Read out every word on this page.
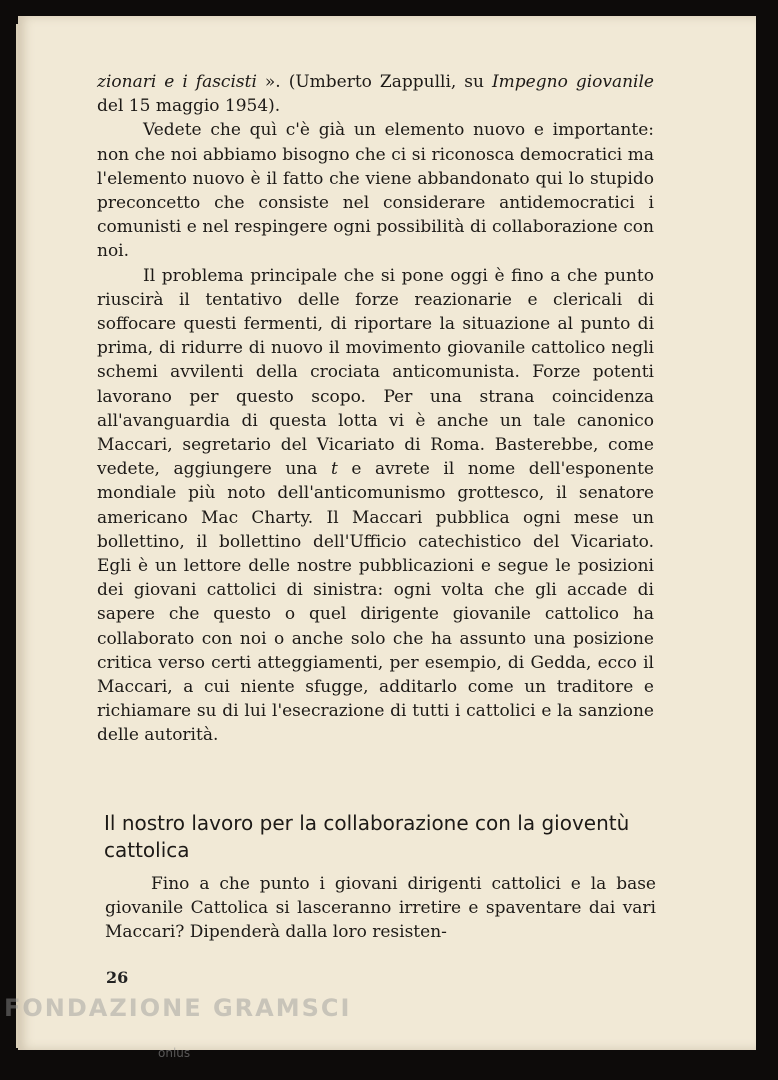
zionari e i fascisti ». (Umberto Zappulli, su Impegno giovanile del 15 maggio 1954).

Vedete che quì c'è già un elemento nuovo e importante: non che noi abbiamo bisogno che ci si riconosca democratici ma l'elemento nuovo è il fatto che viene abbandonato qui lo stupido preconcetto che consiste nel considerare antidemocratici i comunisti e nel respingere ogni possibilità di collaborazione con noi.

Il problema principale che si pone oggi è fino a che punto riuscirà il tentativo delle forze reazionarie e clericali di soffocare questi fermenti, di riportare la situazione al punto di prima, di ridurre di nuovo il movimento giovanile cattolico negli schemi avvilenti della crociata anticomunista. Forze potenti lavorano per questo scopo. Per una strana coincidenza all'avanguardia di questa lotta vi è anche un tale canonico Maccari, segretario del Vicariato di Roma. Basterebbe, come vedete, aggiungere una t e avrete il nome dell'esponente mondiale più noto dell'anticomunismo grottesco, il senatore americano Mac Charty. Il Maccari pubblica ogni mese un bollettino, il bollettino dell'Ufficio catechistico del Vicariato. Egli è un lettore delle nostre pubblicazioni e segue le posizioni dei giovani cattolici di sinistra: ogni volta che gli accade di sapere che questo o quel dirigente giovanile cattolico ha collaborato con noi o anche solo che ha assunto una posizione critica verso certi atteggiamenti, per esempio, di Gedda, ecco il Maccari, a cui niente sfugge, additarlo come un traditore e richiamare su di lui l'esecrazione di tutti i cattolici e la sanzione delle autorità.

Il nostro lavoro per la collaborazione con la gioventù cattolica

Fino a che punto i giovani dirigenti cattolici e la base giovanile Cattolica si lasceranno irretire e spaventare dai vari Maccari? Dipenderà dalla loro resisten-

26
FONDAZIONE GRAMSCI
onlus
